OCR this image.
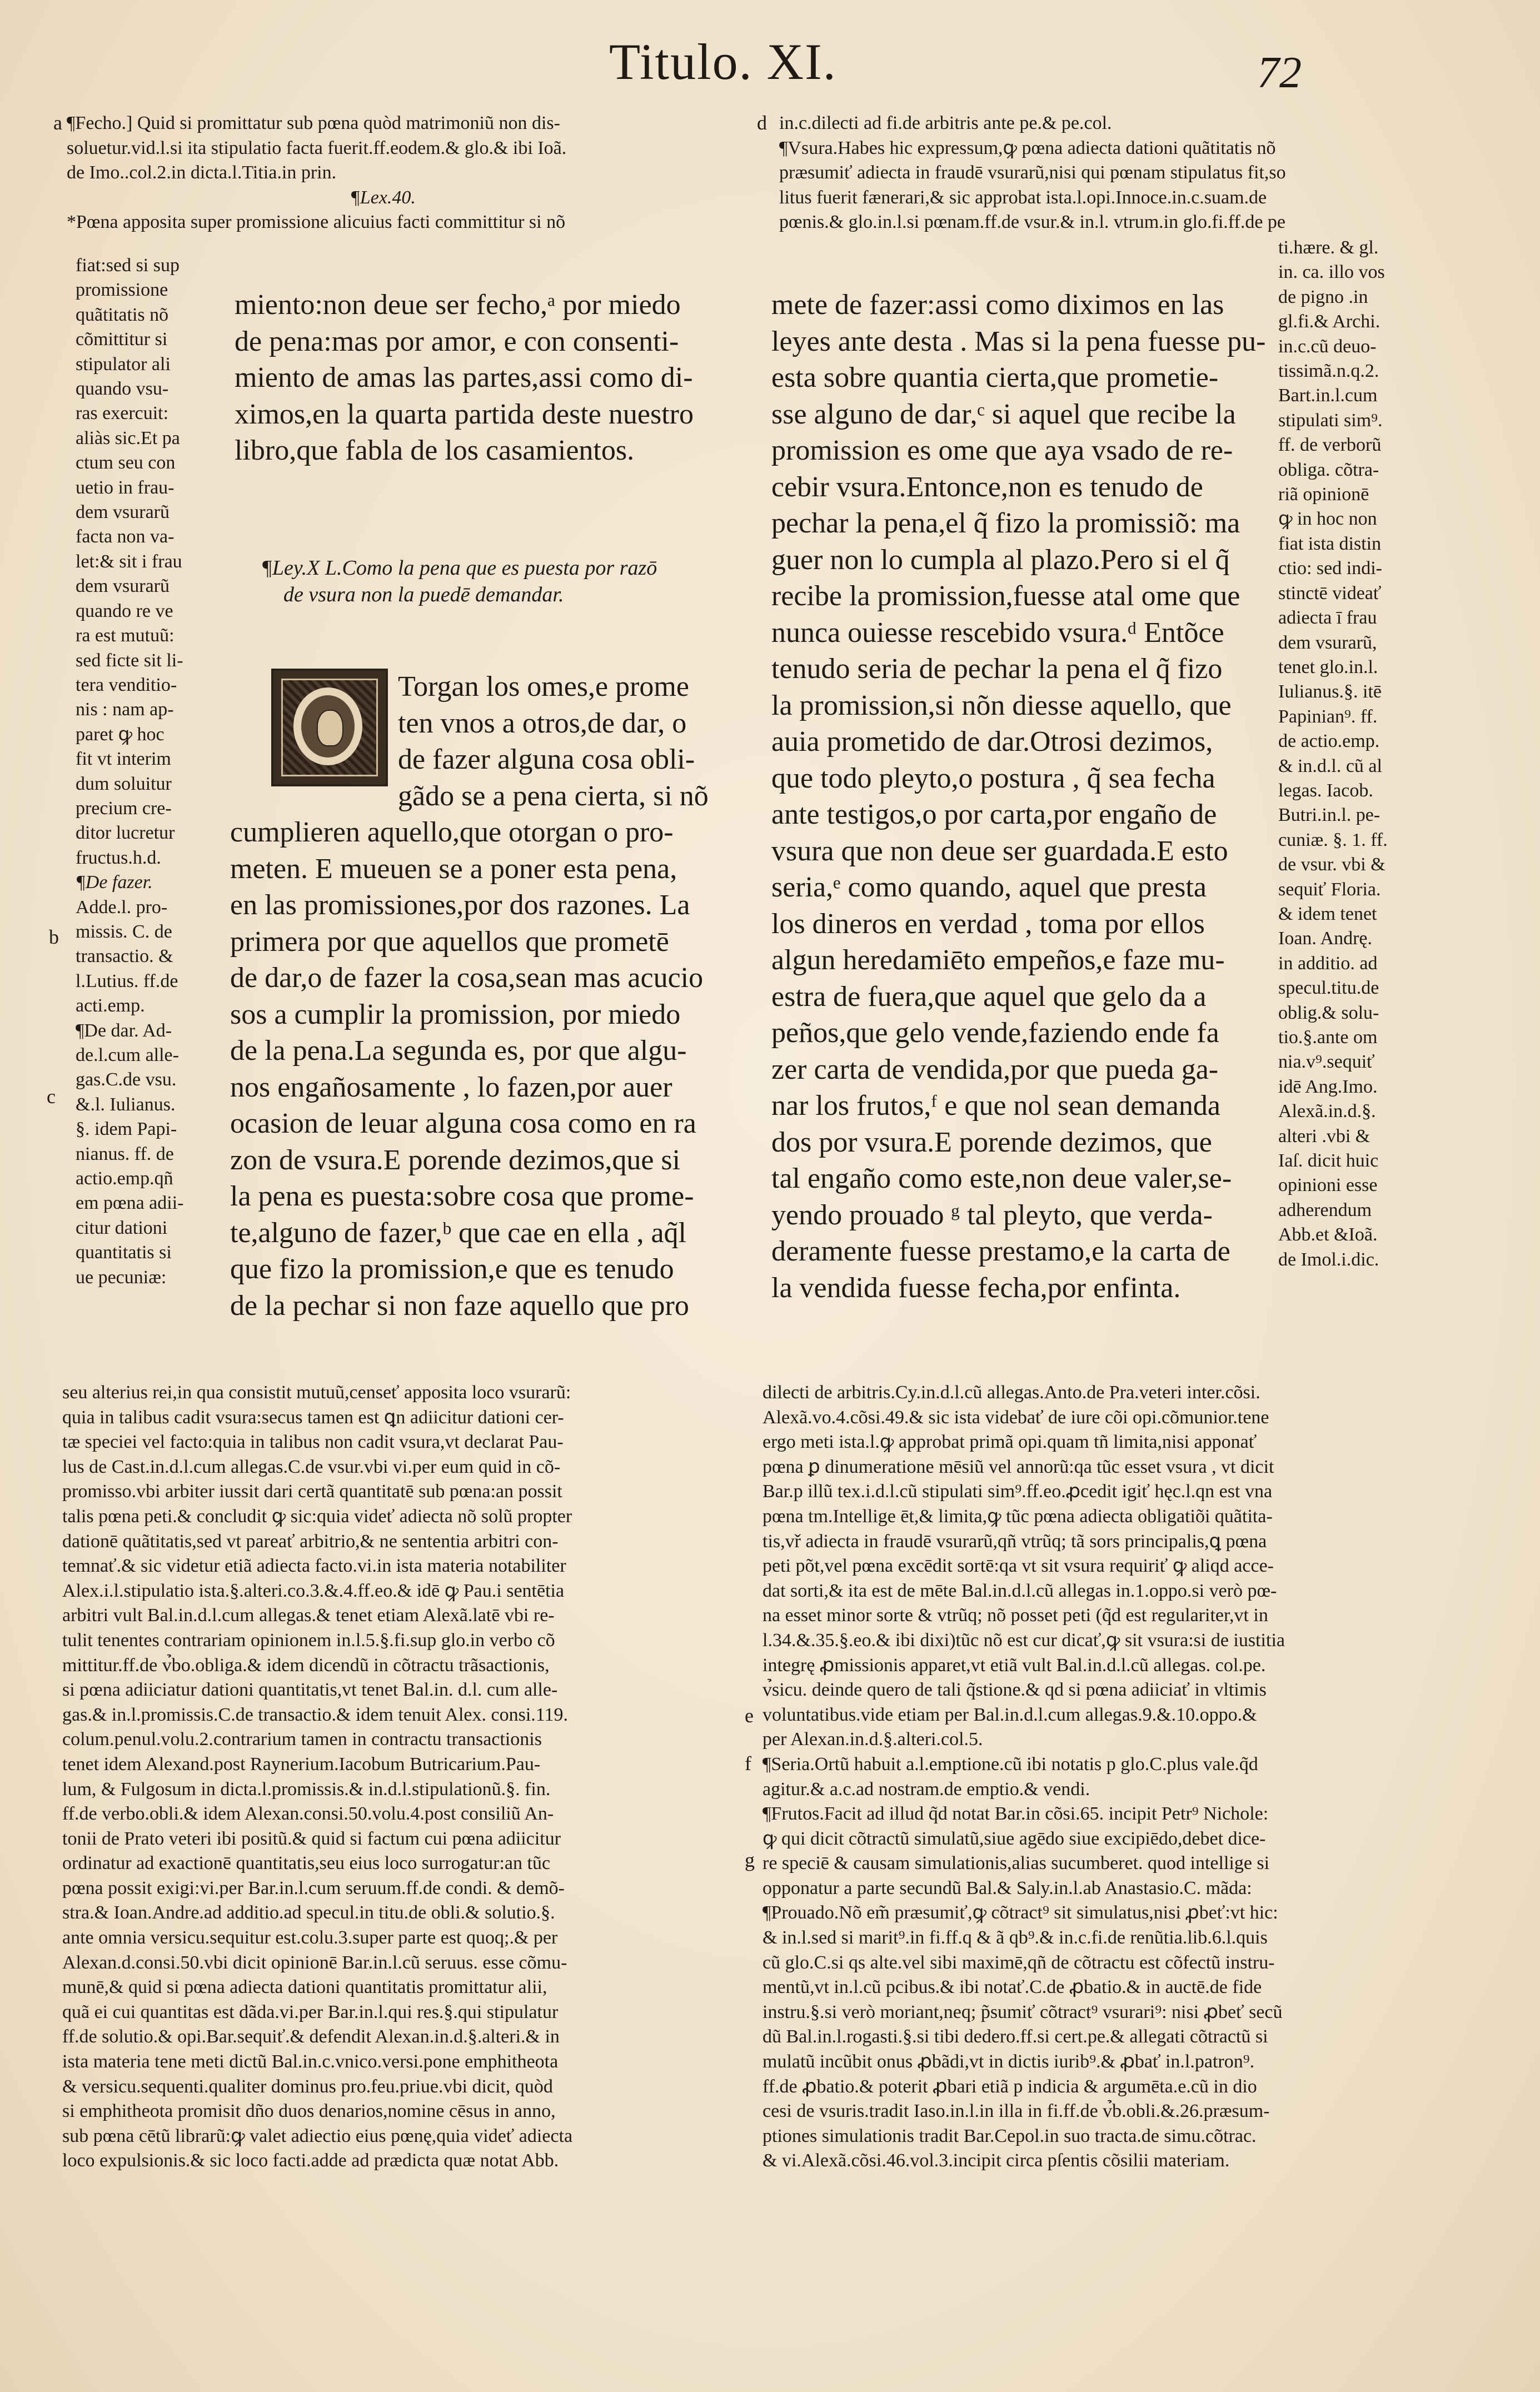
Titulo. XI.	72
¶Fecho.] Quid si promittatur sub pœna quòd matrimoniũ non dis-
soluetur.vid.l.si ita stipulatio facta fuerit.ff.eodem.& glo.& ibi Ioã.
de Imo..col.2.in dicta.l.Titia.in prin.
¶Lex.40.
*Pœna apposita super promissione alicuius facti committitur si nõ
in.c.dilecti ad fi.de arbitris ante pe.& pe.col.
¶Vsura.Habes hic expressum,ꝙ pœna adiecta dationi quãtitatis nõ
præsumiť adiecta in fraudē vsurarũ,nisi qui pœnam stipulatus fit,so
litus fuerit fænerari,& sic approbat ista.l.opi.Innoce.in.c.suam.de
pœnis.& glo.in.l.si pœnam.ff.de vsur.& in.l. vtrum.in glo.fi.ff.de pe
a	d
b
c
e
f
g
fiat:sed si sup
promissione
quãtitatis nõ
cõmittitur si
stipulator ali
quando vsu-
ras exercuit:
aliàs sic.Et pa
ctum seu con
uetio in frau-
dem vsurarũ
facta non va-
let:& sit i frau
dem vsurarũ
quando re ve
ra est mutuũ:
sed ficte sit li-
tera venditio-
nis : nam ap-
paret ꝙ hoc
fit vt interim
dum soluitur
precium cre-
ditor lucretur
fructus.h.d.
¶De fazer.
Adde.l. pro-
missis. C. de
transactio. &
l.Lutius. ff.de
acti.emp.
¶De dar. Ad-
de.l.cum alle-
gas.C.de vsu.
&.l. Iulianus.
§. idem Papi-
nianus. ff. de
actio.emp.qñ
em pœna adii-
citur dationi
quantitatis si
ue pecuniæ:
ti.hære. & gl.
in. ca. illo vos
de pigno .in
gl.fi.& Archi.
in.c.cũ deuo-
tissimã.n.q.2.
Bart.in.l.cum
stipulati sim⁹.
ff. de verborũ
obliga. cõtra-
riã opinionē
ꝙ in hoc non
fiat ista distin
ctio: sed indi-
stinctē videať
adiecta ī frau
dem vsurarũ,
tenet glo.in.l.
Iulianus.§. itē
Papinian⁹. ff.
de actio.emp.
& in.d.l. cũ al
legas. Iacob.
Butri.in.l. pe-
cuniæ. §. 1. ff.
de vsur. vbi &
sequiť Floria.
& idem tenet
Ioan. Andrę.
in additio. ad
specul.titu.de
oblig.& solu-
tio.§.ante om
nia.v⁹.sequiť
idē Ang.Imo.
Alexã.in.d.§.
alteri .vbi &
Iaſ. dicit huic
opinioni esse
adherendum
Abb.et &Ioã.
de Imol.i.dic.
miento:non deue ser fecho,ᵃ por miedo
de pena:mas por amor, e con consenti-
miento de amas las partes,assi como di-
ximos,en la quarta partida deste nuestro
libro,que fabla de los casamientos.
¶Ley.X L.Como la pena que es puesta por razō
de vsura non la puedē demandar.
Torgan los omes,e prome
ten vnos a otros,de dar, o
de fazer alguna cosa obli-
gãdo se a pena cierta, si nõ
cumplieren aquello,que otorgan o pro-
meten. E mueuen se a poner esta pena,
en las promissiones,por dos razones. La
primera por que aquellos que prometē
de dar,o de fazer la cosa,sean mas acucio
sos a cumplir la promission, por miedo
de la pena.La segunda es, por que algu-
nos engañosamente , lo fazen,por auer
ocasion de leuar alguna cosa como en ra
zon de vsura.E porende dezimos,que si
la pena es puesta:sobre cosa que prome-
te,alguno de fazer,ᵇ que cae en ella , aq̃l
que fizo la promission,e que es tenudo
de la pechar si non faze aquello que pro
mete de fazer:assi como diximos en las
leyes ante desta . Mas si la pena fuesse pu-
esta sobre quantia cierta,que prometie-
sse alguno de dar,ᶜ si aquel que recibe la
promission es ome que aya vsado de re-
cebir vsura.Entonce,non es tenudo de
pechar la pena,el q̃ fizo la promissiõ: ma
guer non lo cumpla al plazo.Pero si el q̃
recibe la promission,fuesse atal ome que
nunca ouiesse rescebido vsura.ᵈ Entõce
tenudo seria de pechar la pena el q̃ fizo
la promission,si nõn diesse aquello, que
auia prometido de dar.Otrosi dezimos,
que todo pleyto,o postura , q̃ sea fecha
ante testigos,o por carta,por engaño de
vsura que non deue ser guardada.E esto
seria,ᵉ como quando, aquel que presta
los dineros en verdad , toma por ellos
algun heredamiēto empeños,e faze mu-
estra de fuera,que aquel que gelo da a
peños,que gelo vende,faziendo ende fa
zer carta de vendida,por que pueda ga-
nar los frutos,ᶠ e que nol sean demanda
dos por vsura.E porende dezimos, que
tal engaño como este,non deue valer,se-
yendo prouado ᵍ tal pleyto, que verda-
deramente fuesse prestamo,e la carta de
la vendida fuesse fecha,por enfinta.
seu alterius rei,in qua consistit mutuũ,censeť apposita loco vsurarũ:
quia in talibus cadit vsura:secus tamen est ꝗn adiicitur dationi cer-
tæ speciei vel facto:quia in talibus non cadit vsura,vt declarat Pau-
lus de Cast.in.d.l.cum allegas.C.de vsur.vbi vi.per eum quid in cõ-
promisso.vbi arbiter iussit dari certã quantitatē sub pœna:an possit
talis pœna peti.& concludit ꝙ sic:quia videť adiecta nõ solũ propter
dationē quãtitatis,sed vt pareať arbitrio,& ne sententia arbitri con-
temnať.& sic videtur etiã adiecta facto.vi.in ista materia notabiliter
Alex.i.l.stipulatio ista.§.alteri.co.3.&.4.ff.eo.& idē ꝙ Pau.i sentētia
arbitri vult Bal.in.d.l.cum allegas.& tenet etiam Alexã.latē vbi re-
tulit tenentes contrariam opinionem in.l.5.§.fi.sup glo.in verbo cõ
mittitur.ff.de v̉bo.obliga.& idem dicendũ in cõtractu trãsactionis,
si pœna adiiciatur dationi quantitatis,vt tenet Bal.in. d.l. cum alle-
gas.& in.l.promissis.C.de transactio.& idem tenuit Alex. consi.119.
colum.penul.volu.2.contrarium tamen in contractu transactionis
tenet idem Alexand.post Raynerium.Iacobum Butricarium.Pau-
lum, & Fulgosum in dicta.l.promissis.& in.d.l.stipulationũ.§. fin.
ff.de verbo.obli.& idem Alexan.consi.50.volu.4.post consiliũ An-
tonii de Prato veteri ibi positũ.& quid si factum cui pœna adiicitur
ordinatur ad exactionē quantitatis,seu eius loco surrogatur:an tũc
pœna possit exigi:vi.per Bar.in.l.cum seruum.ff.de condi. & demõ-
stra.& Ioan.Andre.ad additio.ad specul.in titu.de obli.& solutio.§.
ante omnia versicu.sequitur est.colu.3.super parte est quoq;.& per
Alexan.d.consi.50.vbi dicit opinionē Bar.in.l.cũ seruus. esse cõmu-
munē,& quid si pœna adiecta dationi quantitatis promittatur alii,
quã ei cui quantitas est dãda.vi.per Bar.in.l.qui res.§.qui stipulatur
ff.de solutio.& opi.Bar.sequiť.& defendit Alexan.in.d.§.alteri.& in
ista materia tene meti dictũ Bal.in.c.vnico.versi.pone emphitheota
& versicu.sequenti.qualiter dominus pro.feu.priue.vbi dicit, quòd
si emphitheota promisit dño duos denarios,nomine cēsus in anno,
sub pœna cētũ librarũ:ꝙ valet adiectio eius pœnę,quia videť adiecta
loco expulsionis.& sic loco facti.adde ad prædicta quæ notat Abb.
dilecti de arbitris.Cy.in.d.l.cũ allegas.Anto.de Pra.veteri inter.cõsi.
Alexã.vo.4.cõsi.49.& sic ista videbať de iure cõi opi.cõmunior.tene
ergo meti ista.l.ꝙ approbat primã opi.quam tñ limita,nisi apponať
pœna ꝑ dinumeratione mēsiũ vel annorũ:qa tũc esset vsura , vt dicit
Bar.p illũ tex.i.d.l.cũ stipulati sim⁹.ff.eo.ꝓcedit igiť hęc.l.qn est vna
pœna tm.Intellige ēt,& limita,ꝙ tũc pœna adiecta obligatiõi quãtita-
tis,vř adiecta in fraudē vsurarũ,qñ vtrũq; tã sors principalis,ꝗ pœna
peti põt,vel pœna excēdit sortē:qa vt sit vsura requiriť ꝙ aliqd acce-
dat sorti,& ita est de mēte Bal.in.d.l.cũ allegas in.1.oppo.si verò pœ-
na esset minor sorte & vtrũq; nõ posset peti (q̃d est regulariter,vt in
l.34.&.35.§.eo.& ibi dixi)tũc nõ est cur dicať,ꝙ sit vsura:si de iustitia
integrę ꝓmissionis apparet,vt etiã vult Bal.in.d.l.cũ allegas. col.pe.
v̉sicu. deinde quero de tali q̃stione.& qd si pœna adiiciať in vltimis
voluntatibus.vide etiam per Bal.in.d.l.cum allegas.9.&.10.oppo.&
per Alexan.in.d.§.alteri.col.5.
¶Seria.Ortũ habuit a.l.emptione.cũ ibi notatis p glo.C.plus vale.q̃d
agitur.& a.c.ad nostram.de emptio.& vendi.
¶Frutos.Facit ad illud q̃d notat Bar.in cõsi.65. incipit Petr⁹ Nichole:
ꝙ qui dicit cõtractũ simulatũ,siue agēdo siue excipiēdo,debet dice-
re speciē & causam simulationis,alias sucumberet. quod intellige si
opponatur a parte secundũ Bal.& Saly.in.l.ab Anastasio.C. mãda:
¶Prouado.Nõ em̃ præsumiť,ꝙ cõtract⁹ sit simulatus,nisi ꝓbeť:vt hic:
& in.l.sed si marit⁹.in fi.ff.q & ã qb⁹.& in.c.fi.de renũtia.lib.6.l.quis
cũ glo.C.si qs alte.vel sibi maximē,qñ de cõtractu est cõfectũ instru-
mentũ,vt in.l.cũ pcibus.& ibi notať.C.de ꝓbatio.& in auctē.de fide
instru.§.si verò moriant,neq; p̃sumiť cõtract⁹ vsurari⁹: nisi ꝓbeť secũ
dũ Bal.in.l.rogasti.§.si tibi dedero.ff.si cert.pe.& allegati cõtractũ si
mulatũ incũbit onus ꝓbãdi,vt in dictis iurib⁹.& ꝓbať in.l.patron⁹.
ff.de ꝓbatio.& poterit ꝓbari etiã p indicia & argumēta.e.cũ in dio
cesi de vsuris.tradit Iaso.in.l.in illa in fi.ff.de v̉b.obli.&.26.præsum-
ptiones simulationis tradit Bar.Cepol.in suo tracta.de simu.cõtrac.
& vi.Alexã.cõsi.46.vol.3.incipit circa pſentis cõsilii materiam.
